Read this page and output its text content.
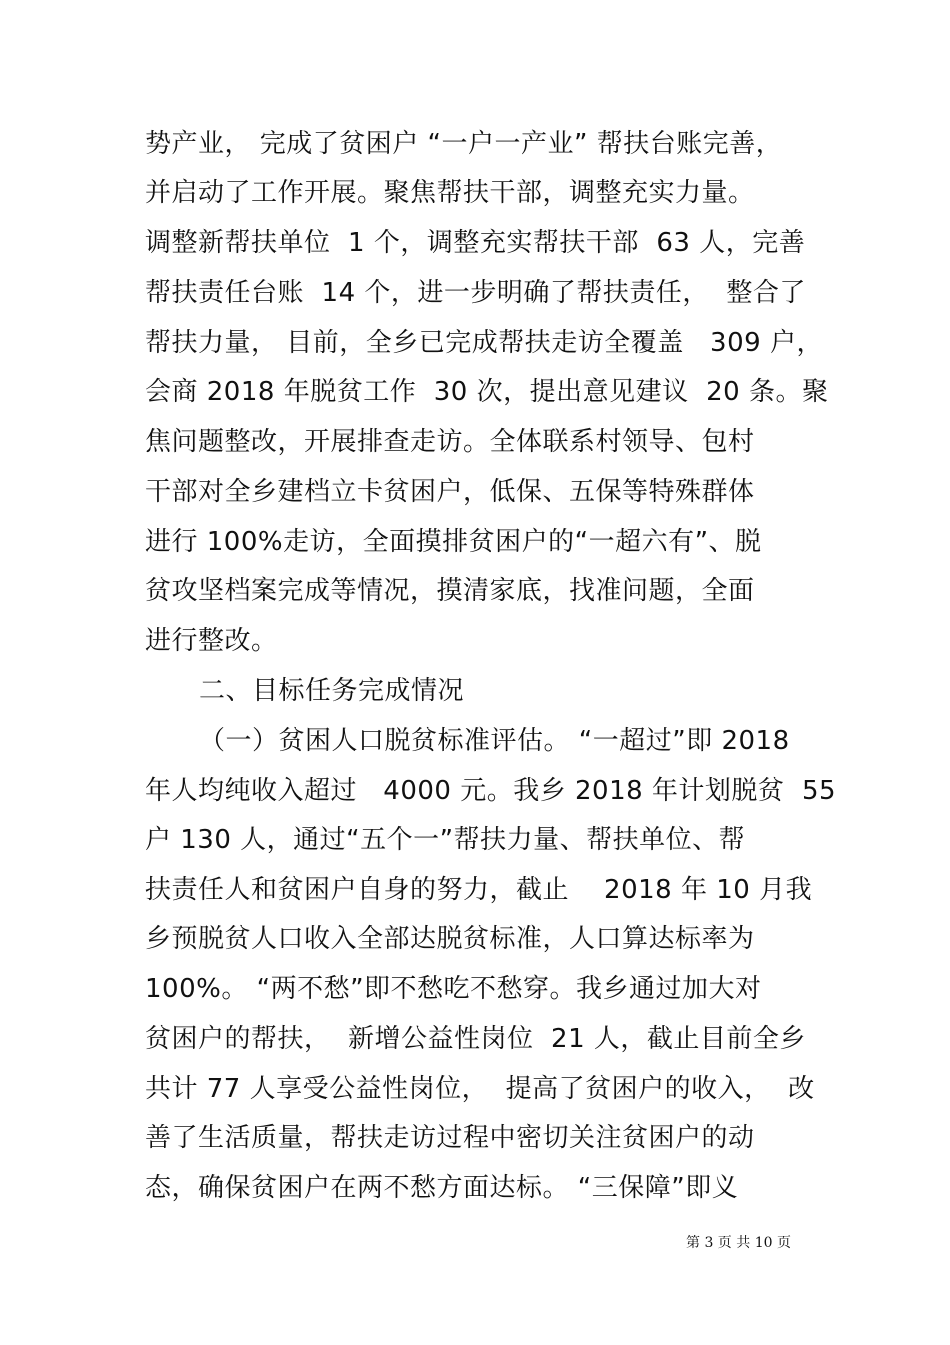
势产业， 完成了贫困户 “一户一产业” 帮扶台账完善，
并启动了工作开展。聚焦帮扶干部，调整充实力量。
调整新帮扶单位  1 个，调整充实帮扶干部  63 人，完善
帮扶责任台账  14 个，进一步明确了帮扶责任，  整合了
帮扶力量， 目前，全乡已完成帮扶走访全覆盖   309 户，
会商 2018 年脱贫工作  30 次，提出意见建议  20 条。聚
焦问题整改，开展排查走访。全体联系村领导、包村
干部对全乡建档立卡贫困户，低保、五保等特殊群体
进行 100%走访，全面摸排贫困户的“一超六有”、脱
贫攻坚档案完成等情况，摸清家底，找准问题，全面
进行整改。
二、目标任务完成情况
（一）贫困人口脱贫标准评估。 “一超过”即 2018
年人均纯收入超过   4000 元。我乡 2018 年计划脱贫  55
户 130 人，通过“五个一”帮扶力量、帮扶单位、帮
扶责任人和贫困户自身的努力，截止    2018 年 10 月我
乡预脱贫人口收入全部达脱贫标准，人口算达标率为
100%。 “两不愁”即不愁吃不愁穿。我乡通过加大对
贫困户的帮扶，  新增公益性岗位  21 人，截止目前全乡
共计 77 人享受公益性岗位，  提高了贫困户的收入，  改
善了生活质量，帮扶走访过程中密切关注贫困户的动
态，确保贫困户在两不愁方面达标。 “三保障”即义
第 3 页 共 10 页
